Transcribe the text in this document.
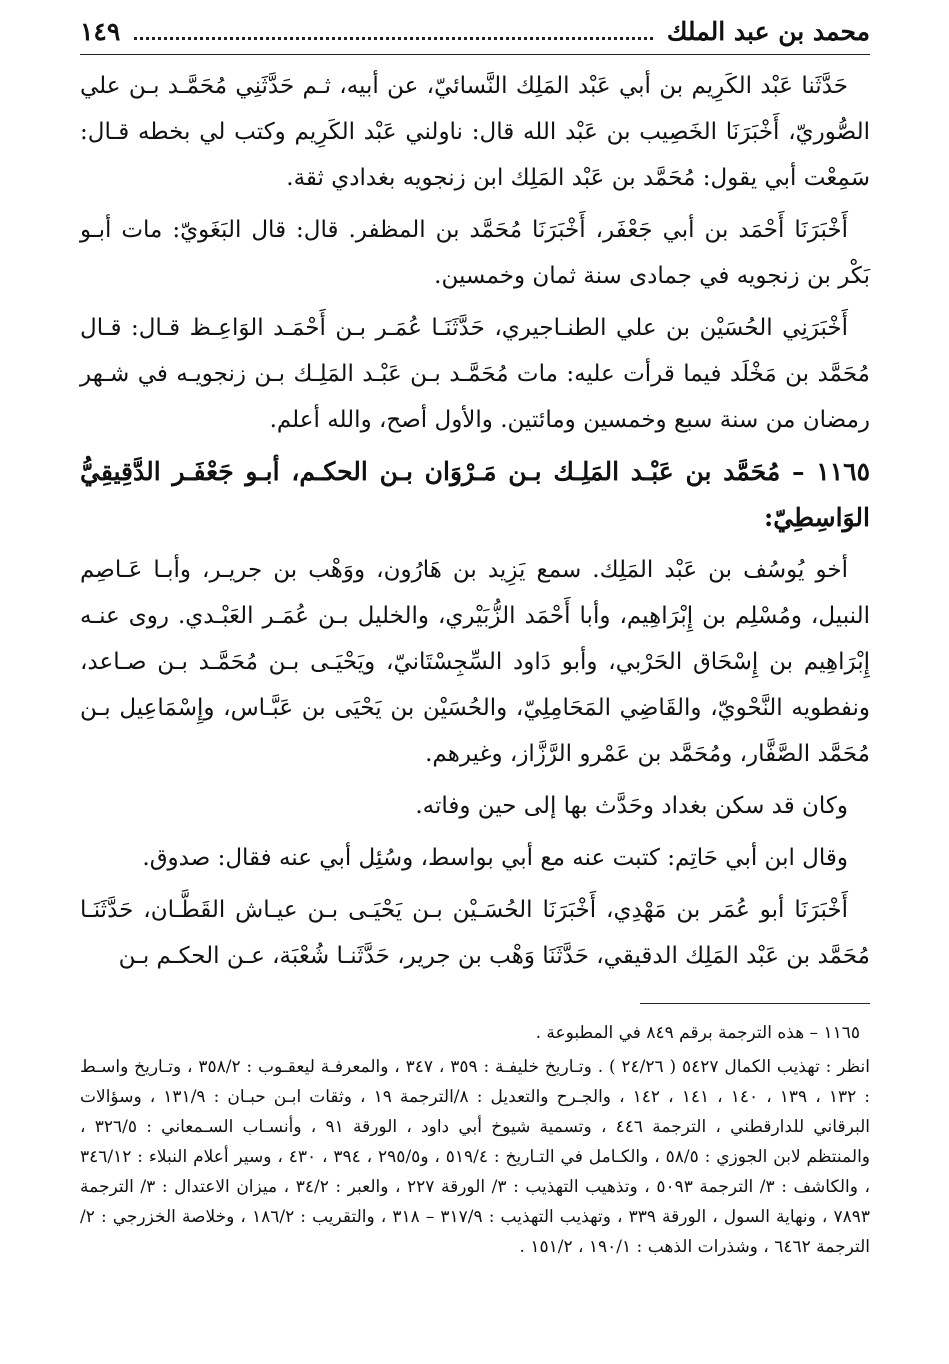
محمد بن عبد الملك
١٤٩

حَدَّثَنا عَبْد الكَرِيم بن أبي عَبْد المَلِك النَّسائيّ، عن أبيه، ثـم حَدَّثَنِي مُحَمَّـد بـن علي الصُّوريّ، أَخْبَرَنَا الخَصِيب بن عَبْد الله قال: ناولني عَبْد الكَرِيم وكتب لي بخطه قـال: سَمِعْت أبي يقول: مُحَمَّد بن عَبْد المَلِك ابن زنجويه بغدادي ثقة.

أَخْبَرَنَا أَحْمَد بن أبي جَعْفَر، أَخْبَرَنَا مُحَمَّد بن المظفر. قال: قال البَغَويّ: مات أبـو بَكْر بن زنجويه في جمادى سنة ثمان وخمسين.

أَخْبَرَنِي الحُسَيْن بن علي الطنـاجيري، حَدَّثَنَـا عُمَـر بـن أَحْمَـد الوَاعِـظ قـال: قـال مُحَمَّد بن مَخْلَد فيما قرأت عليه: مات مُحَمَّـد بـن عَبْـد المَلِـك بـن زنجويـه في شـهر رمضان من سنة سبع وخمسين ومائتين. والأول أصح، والله أعلم.

١١٦٥ – مُحَمَّد بن عَبْـد المَلِـك بـن مَـرْوَان بـن الحكـم، أبـو جَعْفَـر الدَّقِيقِيُّ الوَاسِطِيّ:

أخو يُوسُف بن عَبْد المَلِك. سمع يَزِيد بن هَارُون، ووَهْب بن جريـر، وأبـا عَـاصِم النبيل، ومُسْلِم بن إِبْرَاهِيم، وأبا أَحْمَد الزُّبَيْري، والخليل بـن عُمَـر العَبْـدي. روى عنـه إِبْرَاهِيم بن إِسْحَاق الحَرْبي، وأبو دَاود السِّجِسْتَانيّ، ويَحْيَـى بـن مُحَمَّـد بـن صـاعد، ونفطويه النَّحْويّ، والقَاضِي المَحَامِلِيّ، والحُسَيْن بن يَحْيَى بن عَبَّـاس، وإِسْمَاعِيل بـن مُحَمَّد الصَّفَّار، ومُحَمَّد بن عَمْرو الرَّزَّاز، وغيرهم.

وكان قد سكن بغداد وحَدَّث بها إلى حين وفاته.

وقال ابن أبي حَاتِم: كتبت عنه مع أبي بواسط، وسُئِل أبي عنه فقال: صدوق.

أَخْبَرَنَا أبو عُمَر بن مَهْدِي، أَخْبَرَنَا الحُسَـيْن بـن يَحْيَـى بـن عيـاش القَطَّـان، حَدَّثَنَـا مُحَمَّد بن عَبْد المَلِك الدقيقي، حَدَّثَنَا وَهْب بن جرير، حَدَّثَنـا شُعْبَة، عـن الحكـم بـن

١١٦٥ – هذه الترجمة برقم ٨٤٩ في المطبوعة .

انظر : تهذيب الكمال ٥٤٢٧ ( ٢٤/٢٦ ) . وتـاريخ خليفـة : ٣٥٩ ، ٣٤٧ ، والمعرفـة ليعقـوب : ٣٥٨/٢ ، وتـاريخ واسـط : ١٣٢ ، ١٣٩ ، ١٤٠ ، ١٤١ ، ١٤٢ ، والجـرح والتعديل : ٨/الترجمة ١٩ ، وثقات ابـن حبـان : ١٣١/٩ ، وسؤالات البرقاني للدارقطني ، الترجمة ٤٤٦ ، وتسمية شيوخ أبي داود ، الورقة ٩١ ، وأنسـاب السـمعاني : ٣٢٦/٥ ، والمنتظم لابن الجوزي : ٥٨/٥ ، والكـامل في التـاريخ : ٥١٩/٤ ، و٢٩٥/٥ ، ٣٩٤ ، ٤٣٠ ، وسير أعلام النبلاء : ٣٤٦/١٢ ، والكاشف : ٣/ الترجمة ٥٠٩٣ ، وتذهيب التهذيب : ٣/ الورقة ٢٢٧ ، والعبر : ٣٤/٢ ، ميزان الاعتدال : ٣/ الترجمة ٧٨٩٣ ، ونهاية السول ، الورقة ٣٣٩ ، وتهذيب التهذيب : ٣١٧/٩ – ٣١٨ ، والتقريب : ١٨٦/٢ ، وخلاصة الخزرجي : ٢/ الترجمة ٦٤٦٢ ، وشذرات الذهب : ١٩٠/١ ، ١٥١/٢ .
